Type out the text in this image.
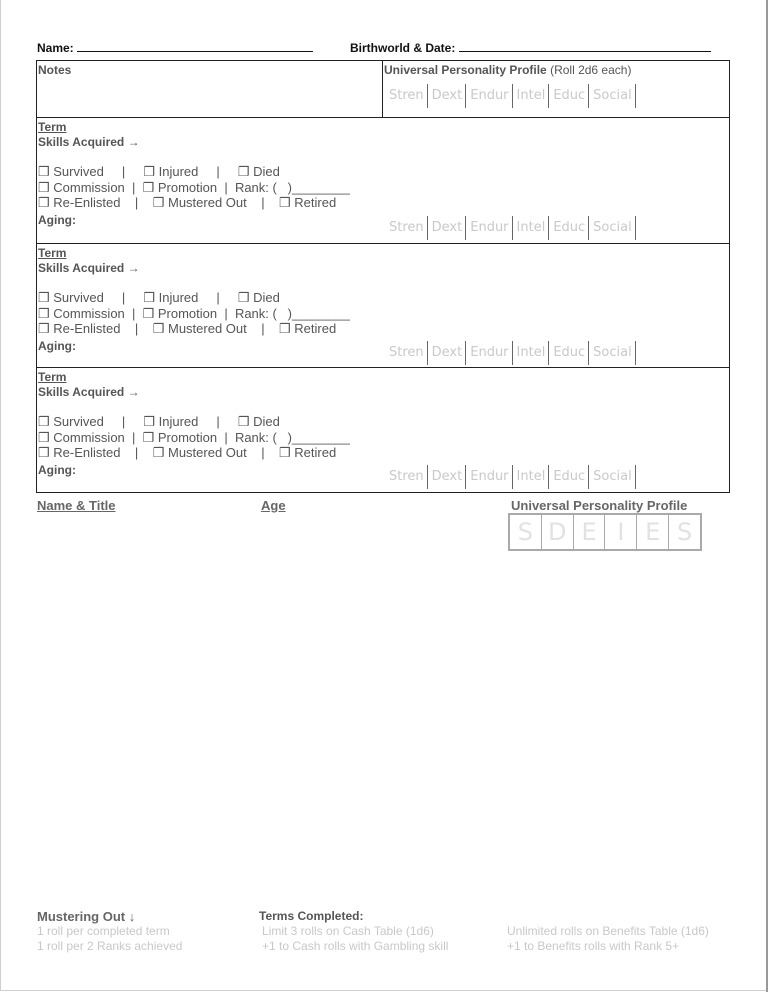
Name:	Birthworld & Date:
Notes	Universal Personality Profile (Roll 2d6 each)
Stren Dext Endur Intel Educ Social
Term
Skills Acquired →
❒ Survived     |     ❒ Injured     |     ❒ Died
❒ Commission  |  ❒ Promotion  |  Rank: (   )________
❒ Re-Enlisted    |    ❒ Mustered Out    |    ❒ Retired
Aging:	Stren Dext Endur Intel Educ Social
Term
Skills Acquired →
❒ Survived     |     ❒ Injured     |     ❒ Died
❒ Commission  |  ❒ Promotion  |  Rank: (   )________
❒ Re-Enlisted    |    ❒ Mustered Out    |    ❒ Retired
Aging:	Stren Dext Endur Intel Educ Social
Term
Skills Acquired →
❒ Survived     |     ❒ Injured     |     ❒ Died
❒ Commission  |  ❒ Promotion  |  Rank: (   )________
❒ Re-Enlisted    |    ❒ Mustered Out    |    ❒ Retired
Aging:	Stren Dext Endur Intel Educ Social
Name & Title	Age	Universal Personality Profile
S D E I E S
Mustering Out ↓
1 roll per completed term
1 roll per 2 Ranks achieved
Terms Completed:
Limit 3 rolls on Cash Table (1d6)
+1 to Cash rolls with Gambling skill
Unlimited rolls on Benefits Table (1d6)
+1 to Benefits rolls with Rank 5+
